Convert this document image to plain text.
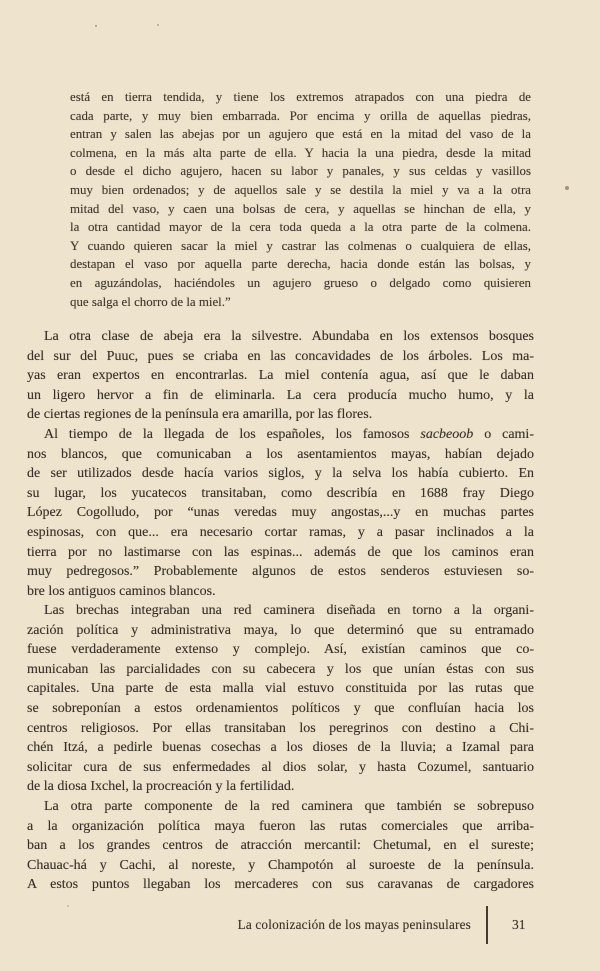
está en tierra tendida, y tiene los extremos atrapados con una piedra de
cada parte, y muy bien embarrada. Por encima y orilla de aquellas piedras,
entran y salen las abejas por un agujero que está en la mitad del vaso de la
colmena, en la más alta parte de ella. Y hacia la una piedra, desde la mitad
o desde el dicho agujero, hacen su labor y panales, y sus celdas y vasillos
muy bien ordenados; y de aquellos sale y se destila la miel y va a la otra
mitad del vaso, y caen una bolsas de cera, y aquellas se hinchan de ella, y
la otra cantidad mayor de la cera toda queda a la otra parte de la colmena.
Y cuando quieren sacar la miel y castrar las colmenas o cualquiera de ellas,
destapan el vaso por aquella parte derecha, hacia donde están las bolsas, y
en aguzándolas, haciéndoles un agujero grueso o delgado como quisieren
que salga el chorro de la miel.”
La otra clase de abeja era la silvestre. Abundaba en los extensos bosques
del sur del Puuc, pues se criaba en las concavidades de los árboles. Los ma-
yas eran expertos en encontrarlas. La miel contenía agua, así que le daban
un ligero hervor a fin de eliminarla. La cera producía mucho humo, y la
de ciertas regiones de la península era amarilla, por las flores.
Al tiempo de la llegada de los españoles, los famosos sacbeoob o cami-
nos blancos, que comunicaban a los asentamientos mayas, habían dejado
de ser utilizados desde hacía varios siglos, y la selva los había cubierto. En
su lugar, los yucatecos transitaban, como describía en 1688 fray Diego
López Cogolludo, por “unas veredas muy angostas,...y en muchas partes
espinosas, con que... era necesario cortar ramas, y a pasar inclinados a la
tierra por no lastimarse con las espinas... además de que los caminos eran
muy pedregosos.” Probablemente algunos de estos senderos estuviesen so-
bre los antiguos caminos blancos.
Las brechas integraban una red caminera diseñada en torno a la organi-
zación política y administrativa maya, lo que determinó que su entramado
fuese verdaderamente extenso y complejo. Así, existían caminos que co-
municaban las parcialidades con su cabecera y los que unían éstas con sus
capitales. Una parte de esta malla vial estuvo constituida por las rutas que
se sobreponían a estos ordenamientos políticos y que confluían hacia los
centros religiosos. Por ellas transitaban los peregrinos con destino a Chi-
chén Itzá, a pedirle buenas cosechas a los dioses de la lluvia; a Izamal para
solicitar cura de sus enfermedades al dios solar, y hasta Cozumel, santuario
de la diosa Ixchel, la procreación y la fertilidad.
La otra parte componente de la red caminera que también se sobrepuso
a la organización política maya fueron las rutas comerciales que arriba-
ban a los grandes centros de atracción mercantil: Chetumal, en el sureste;
Chauac-há y Cachi, al noreste, y Champotón al suroeste de la península.
A estos puntos llegaban los mercaderes con sus caravanas de cargadores
La colonización de los mayas peninsulares	31
